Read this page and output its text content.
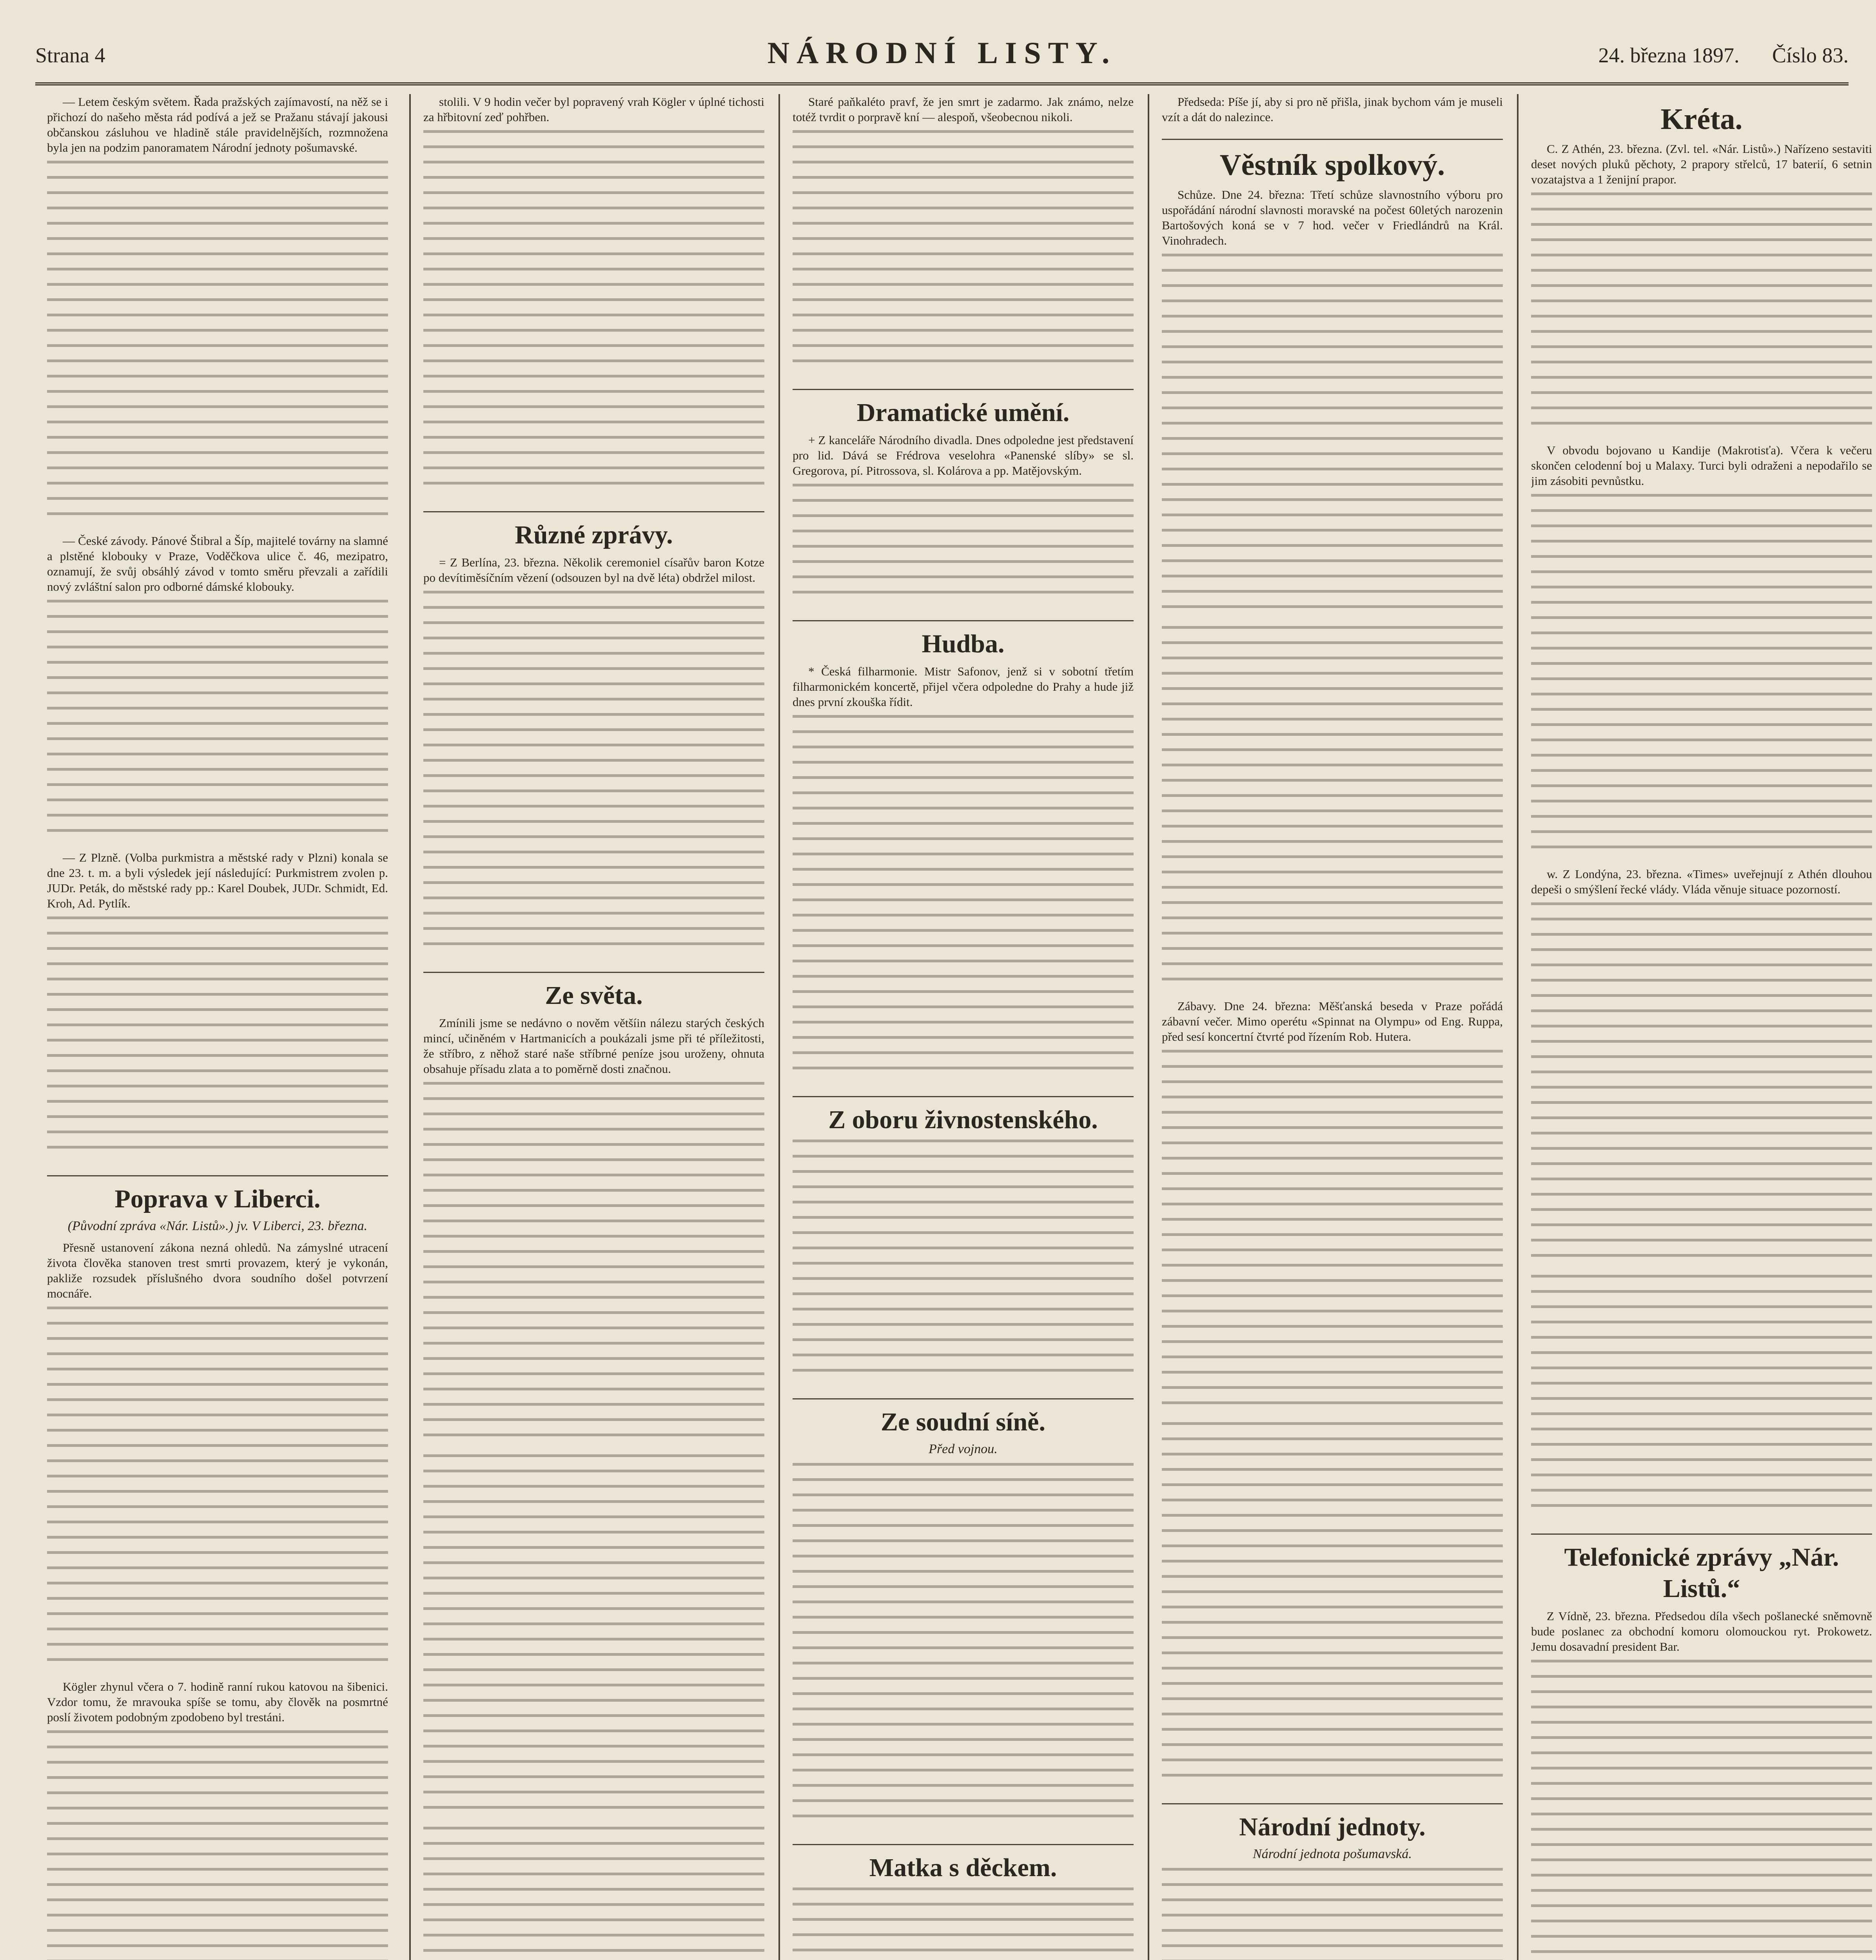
Strana 4	NÁRODNÍ LISTY.	24. března 1897. Číslo 83.

— Letem českým světem. Řada pražských zajímavostí, na něž se i přichozí do našeho města rád podívá a jež se Pražanu stávají jakousi občanskou zásluhou ve hladině stále pravidelnějších, rozmnožena byla jen na podzim panoramatem Národní jednoty pošumavské.

— České závody. Pánové Štibral a Šíp, majitelé továrny na slamné a plstěné klobouky v Praze, Voděčkova ulice č. 46, mezipatro, oznamují, že svůj obsáhlý závod v tomto směru převzali a zařídili nový zvláštní salon pro odborné dámské klobouky.

— Z Plzně. (Volba purkmistra a městské rady v Plzni) konala se dne 23. t. m. a byli výsledek její následující: Purkmistrem zvolen p. JUDr. Peták, do městské rady pp.: Karel Doubek, JUDr. Schmidt, Ed. Kroh, Ad. Pytlík.

Poprava v Liberci.
(Původní zpráva «Nár. Listů».) jv. V Liberci, 23. března.

Přesně ustanovení zákona nezná ohledů. Na zámyslné utracení života člověka stanoven trest smrti provazem, který je vykonán, pakliže rozsudek příslušného dvora soudního došel potvrzení mocnáře.

Kögler zhynul včera o 7. hodině ranní rukou katovou na šibenici. Vzdor tomu, že mravouka spíše se tomu, aby člověk na posmrtné poslí životem podobným zpodobeno byl trestáni.

stolili. V 9 hodin večer byl popravený vrah Kögler v úplné tichosti za hřbitovní zeď pohřben.

Různé zprávy.

= Z Berlína, 23. března. Několik ceremoniel císařův baron Kotze po devítiměsíčním vězení (odsouzen byl na dvě léta) obdržel milost.

Ze světa.

Zmínili jsme se nedávno o nověm většíin nálezu starých českých mincí, učiněném v Hartmanicích a poukázali jsme při té příležitosti, že stříbro, z něhož staré naše stříbrné peníze jsou uroženy, ohnuta obsahuje přísadu zlata a to poměrně dosti značnou.

Staré paňkaléto pravf, že jen smrt je zadarmo. Jak známo, nelze totéž tvrdit o porpravě kní — alespoň, všeobecnou nikoli.

Dramatické umění.

+ Z kanceláře Národního divadla. Dnes odpoledne jest představení pro lid. Dává se Frédrova veselohra «Panenské slíby» se sl. Gregorova, pí. Pitrossova, sl. Kolárova a pp. Matějovským.

Hudba.

* Česká filharmonie. Mistr Safonov, jenž si v sobotní třetím filharmonickém koncertě, přijel včera odpoledne do Prahy a hude již dnes první zkouška řídit.

Z oboru živnostenského.
Ze soudní síně.
Před vojnou.
Matka s děckem.

Předseda: Píše jí, aby si pro ně přišla, jinak bychom vám je museli vzít a dát do nalezince.

Věstník spolkový.

Schůze. Dne 24. března: Třetí schůze slavnostního výboru pro uspořádání národní slavnosti moravské na počest 60letých narozenin Bartošových koná se v 7 hod. večer v Friedlándrů na Král. Vinohradech.

Zábavy. Dne 24. března: Měšťanská beseda v Praze pořádá zábavní večer. Mimo operétu «Spinnat na Olympu» od Eng. Ruppa, před sesí koncertní čtvrté pod řízením Rob. Hutera.

Národní jednoty.
Národní jednota pošumavská.
Kréta.

C. Z Athén, 23. března. (Zvl. tel. «Nár. Listů».) Nařízeno sestaviti deset nových pluků pěchoty, 2 prapory střelců, 17 baterií, 6 setnin vozatajstva a 1 ženijní prapor.

V obvodu bojovano u Kandije (Makrotisťa). Včera k večeru skončen celodenní boj u Malaxy. Turci byli odraženi a nepodařilo se jim zásobiti pevnůstku.

w. Z Londýna, 23. března. «Times» uveřejnují z Athén dlouhou depeši o smýšlení řecké vlády. Vláda věnuje situace pozorností.

Telefonické zprávy „Nár. Listů.“

Z Vídně, 23. března. Předsedou díla všech pošlanecké sněmovně bude poslanec za obchodní komoru olomouckou ryt. Prokowetz. Jemu dosavadní president Bar.
